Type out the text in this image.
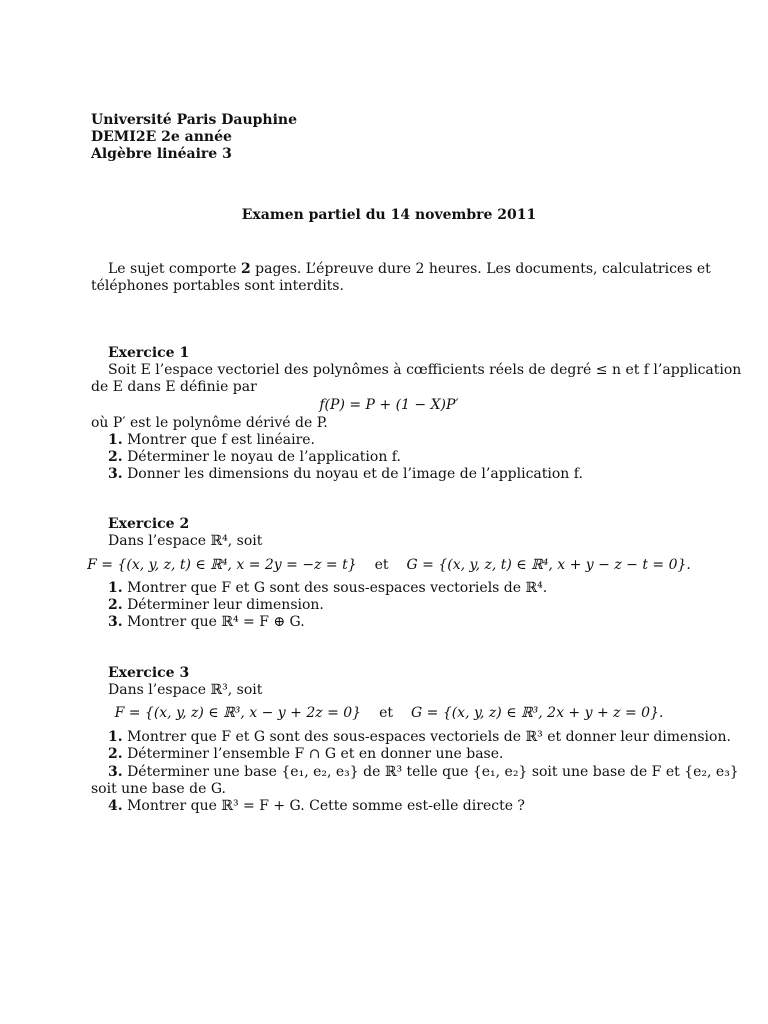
Université Paris Dauphine
DEMI2E 2e année
Algèbre linéaire 3
Examen partiel du 14 novembre 2011
Le sujet comporte 2 pages. L’épreuve dure 2 heures. Les documents, calculatrices et
téléphones portables sont interdits.
Exercice 1
Soit E l’espace vectoriel des polynômes à cœfficients réels de degré ≤ n et f l’application
de E dans E définie par
f(P) = P + (1 − X)P′
où P′ est le polynôme dérivé de P.
1. Montrer que f est linéaire.
2. Déterminer le noyau de l’application f.
3. Donner les dimensions du noyau et de l’image de l’application f.
Exercice 2
Dans l’espace ℝ⁴, soit
F = {(x, y, z, t) ∈ ℝ⁴, x = 2y = −z = t} et G = {(x, y, z, t) ∈ ℝ⁴, x + y − z − t = 0}.
1. Montrer que F et G sont des sous-espaces vectoriels de ℝ⁴.
2. Déterminer leur dimension.
3. Montrer que ℝ⁴ = F ⊕ G.
Exercice 3
Dans l’espace ℝ³, soit
F = {(x, y, z) ∈ ℝ³, x − y + 2z = 0} et G = {(x, y, z) ∈ ℝ³, 2x + y + z = 0}.
1. Montrer que F et G sont des sous-espaces vectoriels de ℝ³ et donner leur dimension.
2. Déterminer l’ensemble F ∩ G et en donner une base.
3. Déterminer une base {e₁, e₂, e₃} de ℝ³ telle que {e₁, e₂} soit une base de F et {e₂, e₃}
soit une base de G.
4. Montrer que ℝ³ = F + G. Cette somme est-elle directe ?
